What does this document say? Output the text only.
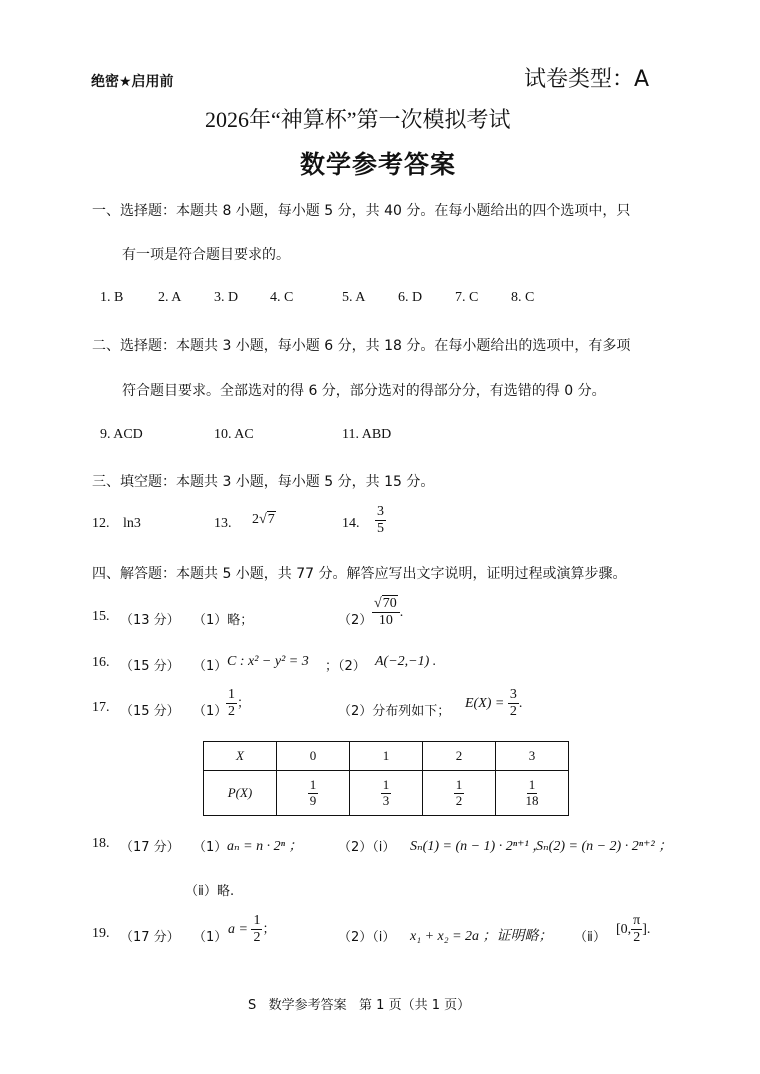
绝密★启用前	试卷类型：A
2026年“神算杯”第一次模拟考试
数学参考答案
一、选择题：本题共 8 小题，每小题 5 分，共 40 分。在每小题给出的四个选项中，只
有一项是符合题目要求的。
1. B 2. A 3. D 4. C	5. A 6. D 7. C 8. C
二、选择题：本题共 3 小题，每小题 6 分，共 18 分。在每小题给出的选项中，有多项
符合题目要求。全部选对的得 6 分，部分选对的得部分分，有选错的得 0 分。
9. ACD	10. AC	11. ABD
三、填空题：本题共 3 小题，每小题 5 分，共 15 分。
12. ln3	13. 2√7	14. $\frac{3}{5}$
四、解答题：本题共 5 小题，共 77 分。解答应写出文字说明，证明过程或演算步骤。
15. （13 分） （1）略；	$(2) \frac{√70}{10}$ .
16. （15 分） （1） C : x² − y² = 3 ；（2） A(−2,−1) .
17. （15 分） （1）
$\frac{1}{2}$ ；
（2）分布列如下；
$E(X) = \frac{3}{2}$ .
X	0	1	2	3
P(X)	$\frac{1}{9}$	$\frac{1}{3}$	$\frac{1}{2}$	$\frac{1}{18}$
18. （17 分） （1） aₙ = n · 2ⁿ ；	（2）（ⅰ） Sₙ(1) = (n − 1) · 2ⁿ⁺¹ ，
Sₙ(2) = (n − 2) · 2ⁿ⁺² ；
（ⅱ）略.
19. （17 分） （1）
$a = \frac{1}{2}$ ；
（2）（ⅰ） x₁ + x₂ = 2a ；证明略； （ⅱ）
[0, $\frac{\pi}{2}$ ].
S   数学参考答案   第 1 页（共 1 页）
